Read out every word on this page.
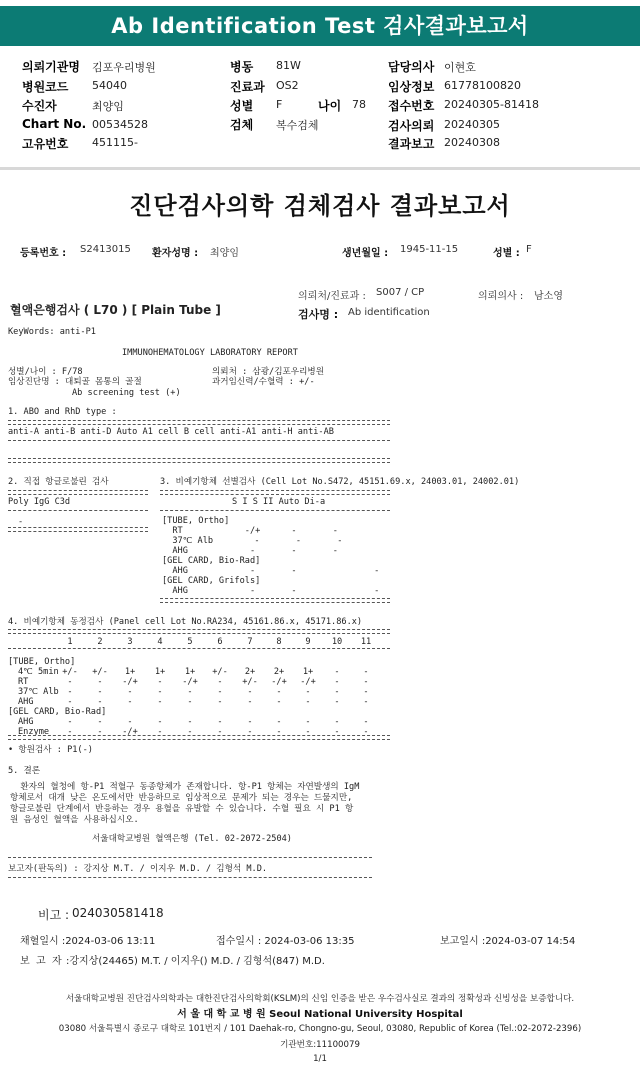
Ab Identification Test 검사결과보고서
의뢰기관명 김포우리병원
병원코드 54040
수진자	최양임
Chart No. 00534528
고유번호 451115-
병동 81W
진료과 OS2
성별 F	나이 78
검체 복수검체
담당의사 이현호
임상정보 61778100820
접수번호 20240305-81418
검사의뢰 20240305
결과보고 20240308
진단검사의학 검체검사 결과보고서
등록번호 : S2413015 환자성명 : 최양임	생년월일 : 1945-11-15	성별 : F
의뢰처/진료과 : S007 / CP	의뢰의사 : 남소영
혈액은행검사 ( L70 ) [ Plain Tube ]	검사명 : Ab identification
KeyWords: anti-P1
IMMUNOHEMATOLOGY LABORATORY REPORT
성별/나이 : F/78	의뢰처 : 삼광/김포우리병원
임상진단명 : 대퇴골 몸통의 골절	과거임신력/수혈력 : +/-
Ab screening test (+)
1. ABO and RhD type :
anti-A anti-B anti-D Auto A1 cell B cell anti-A1 anti-H anti-AB
2. 직접 항글로불린 검사	3. 비예기항체 선별검사 (Cell Lot No.S472, 45151.69.x, 24003.01, 24002.01)
Poly IgG C3d	S I S II Auto Di-a
-	[TUBE, Ortho]
RT            -/+      -       -
37℃ Alb        -       -       -
AHG            -       -       -
[GEL CARD, Bio-Rad]
AHG            -       -               -
[GEL CARD, Grifols]
AHG            -       -               -
4. 비예기항체 동정검사 (Panel cell Lot No.RA234, 45161.86.x, 45171.86.x)
1	2	3	4	5	6	7	8	9	10	11
[TUBE, Ortho]
4℃ 5min +/-	+/-	1+	1+	1+	+/-	2+	2+	1+	-	-
RT	-	-	-/+	-	-/+	-	+/-	-/+	-/+	-	-
37℃ Alb	-	-	-	-	-	-	-	-	-	-	-
AHG	-	-	-	-	-	-	-	-	-	-	-
[GEL CARD, Bio-Rad]
AHG	-	-	-	-	-	-	-	-	-	-	-
Enzyme	-	-	-/+	-	-	-	-	-	-	-	-
• 항원검사 : P1(-)
5. 결론
환자의 혈청에 항-P1 적혈구 동종항체가 존재합니다. 항-P1 항체는 자연발생의 IgM
항체로서 대개 낮은 온도에서만 반응하므로 임상적으로 문제가 되는 경우는 드물지만,
항글로불린 단계에서 반응하는 경우 용혈을 유발할 수 있습니다. 수혈 필요 시 P1 항
원 음성인 혈액을 사용하십시오.
서울대학교병원 혈액은행 (Tel. 02-2072-2504)
보고자(판독의) : 강지상 M.T. / 이지우 M.D. / 김형석 M.D.
비고 : 024030581418
채혈일시 :2024-03-06 13:11	접수일시 : 2024-03-06 13:35	보고일시 :2024-03-07 14:54
보  고  자 :강지상(24465) M.T. / 이지우() M.D. / 김형석(847) M.D.
서울대학교병원 진단검사의학과는 대한진단검사의학회(KSLM)의 신임 인증을 받은 우수검사실로 결과의 정확성과 신빙성을 보증합니다.
서 울 대 학 교 병 원 Seoul National University Hospital
03080 서울특별시 종로구 대학로 101번지 / 101 Daehak-ro, Chongno-gu, Seoul, 03080, Republic of Korea (Tel.:02-2072-2396)
기관번호:11100079
1/1
